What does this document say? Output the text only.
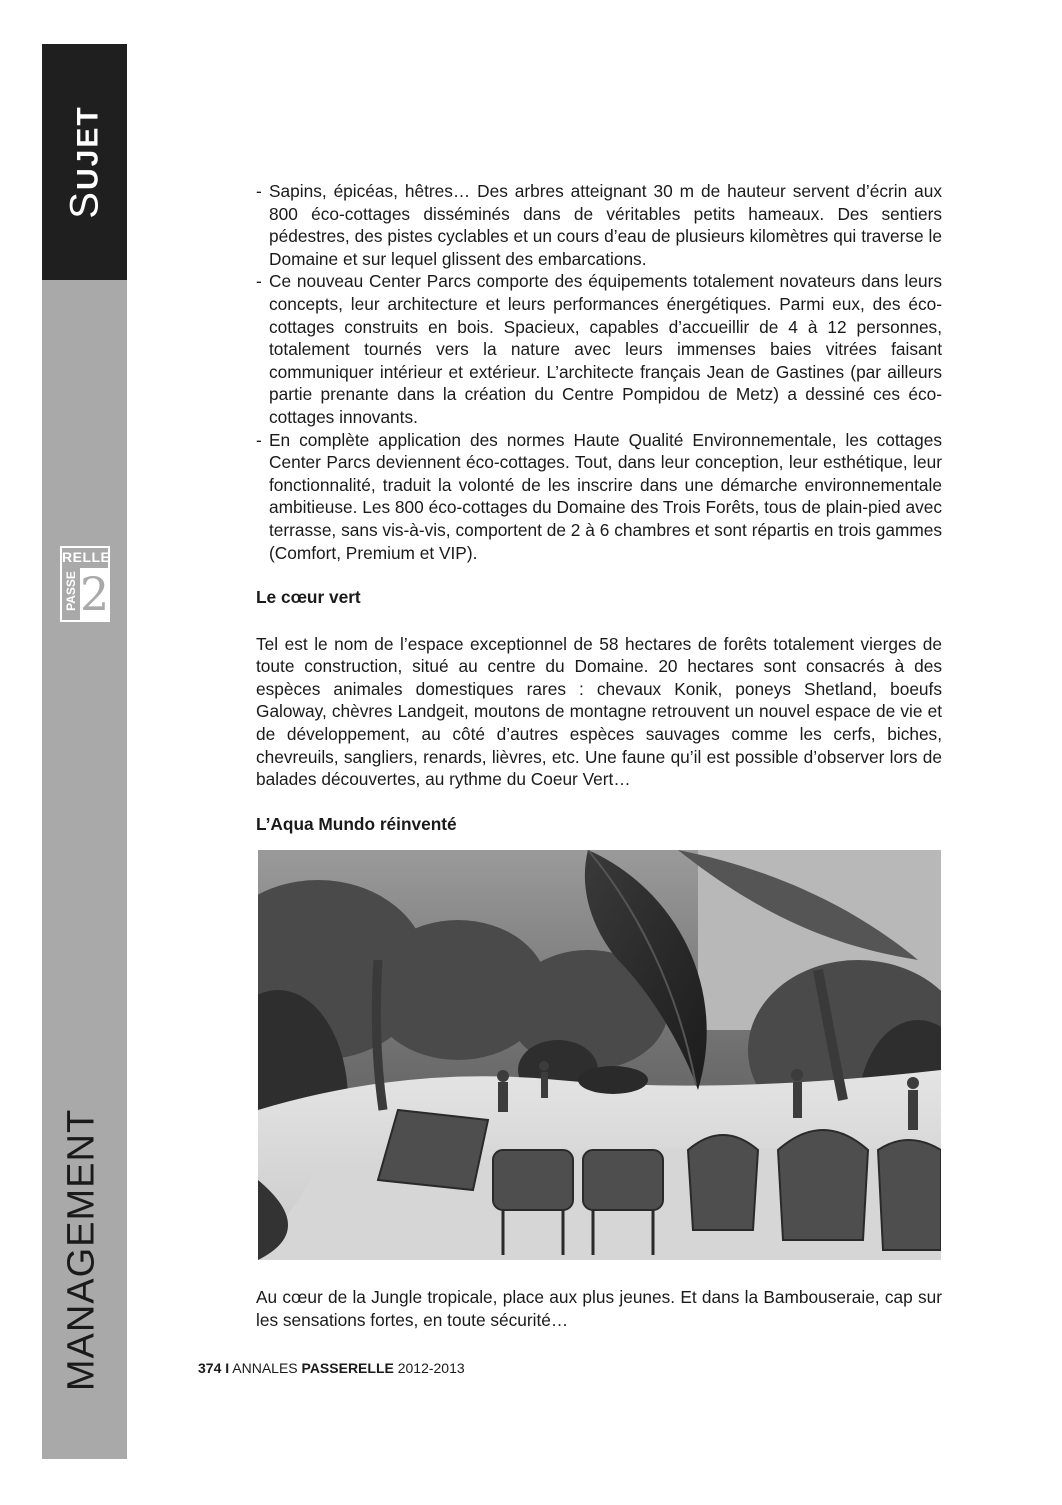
SUJET
RELLE
PASSE 2
MANAGEMENT
- Sapins, épicéas, hêtres… Des arbres atteignant 30 m de hauteur servent d’écrin aux 800 éco-cottages disséminés dans de véritables petits hameaux. Des sentiers pédestres, des pistes cyclables et un cours d’eau de plusieurs kilomètres qui traverse le Domaine et sur lequel glissent des embarcations.
- Ce nouveau Center Parcs comporte des équipements totalement novateurs dans leurs concepts, leur architecture et leurs performances énergétiques. Parmi eux, des éco-cottages construits en bois. Spacieux, capables d’accueillir de 4 à 12 personnes, totalement tournés vers la nature avec leurs immenses baies vitrées faisant communiquer intérieur et extérieur. L’architecte français Jean de Gastines (par ailleurs partie prenante dans la création du Centre Pompidou de Metz) a dessiné ces éco-cottages innovants.
- En complète application des normes Haute Qualité Environnementale, les cottages Center Parcs deviennent éco-cottages. Tout, dans leur conception, leur esthétique, leur fonctionnalité, traduit la volonté de les inscrire dans une démarche environnementale ambitieuse. Les 800 éco-cottages du Domaine des Trois Forêts, tous de plain-pied avec terrasse, sans vis-à-vis, comportent de 2 à 6 chambres et sont répartis en trois gammes (Comfort, Premium et VIP).
Le cœur vert
Tel est le nom de l’espace exceptionnel de 58 hectares de forêts totalement vierges de toute construction, situé au centre du Domaine. 20 hectares sont consacrés à des espèces animales domestiques rares : chevaux Konik, poneys Shetland, boeufs Galoway, chèvres Landgeit, moutons de montagne retrouvent un nouvel espace de vie et de développement, au côté d’autres espèces sauvages comme les cerfs, biches, chevreuils, sangliers, renards, lièvres, etc. Une faune qu’il est possible d’observer lors de balades découvertes, au rythme du Coeur Vert…
L’Aqua Mundo réinventé
Au cœur de la Jungle tropicale, place aux plus jeunes. Et dans la Bambouseraie, cap sur les sensations fortes, en toute sécurité…
374 I ANNALES PASSERELLE 2012-2013
